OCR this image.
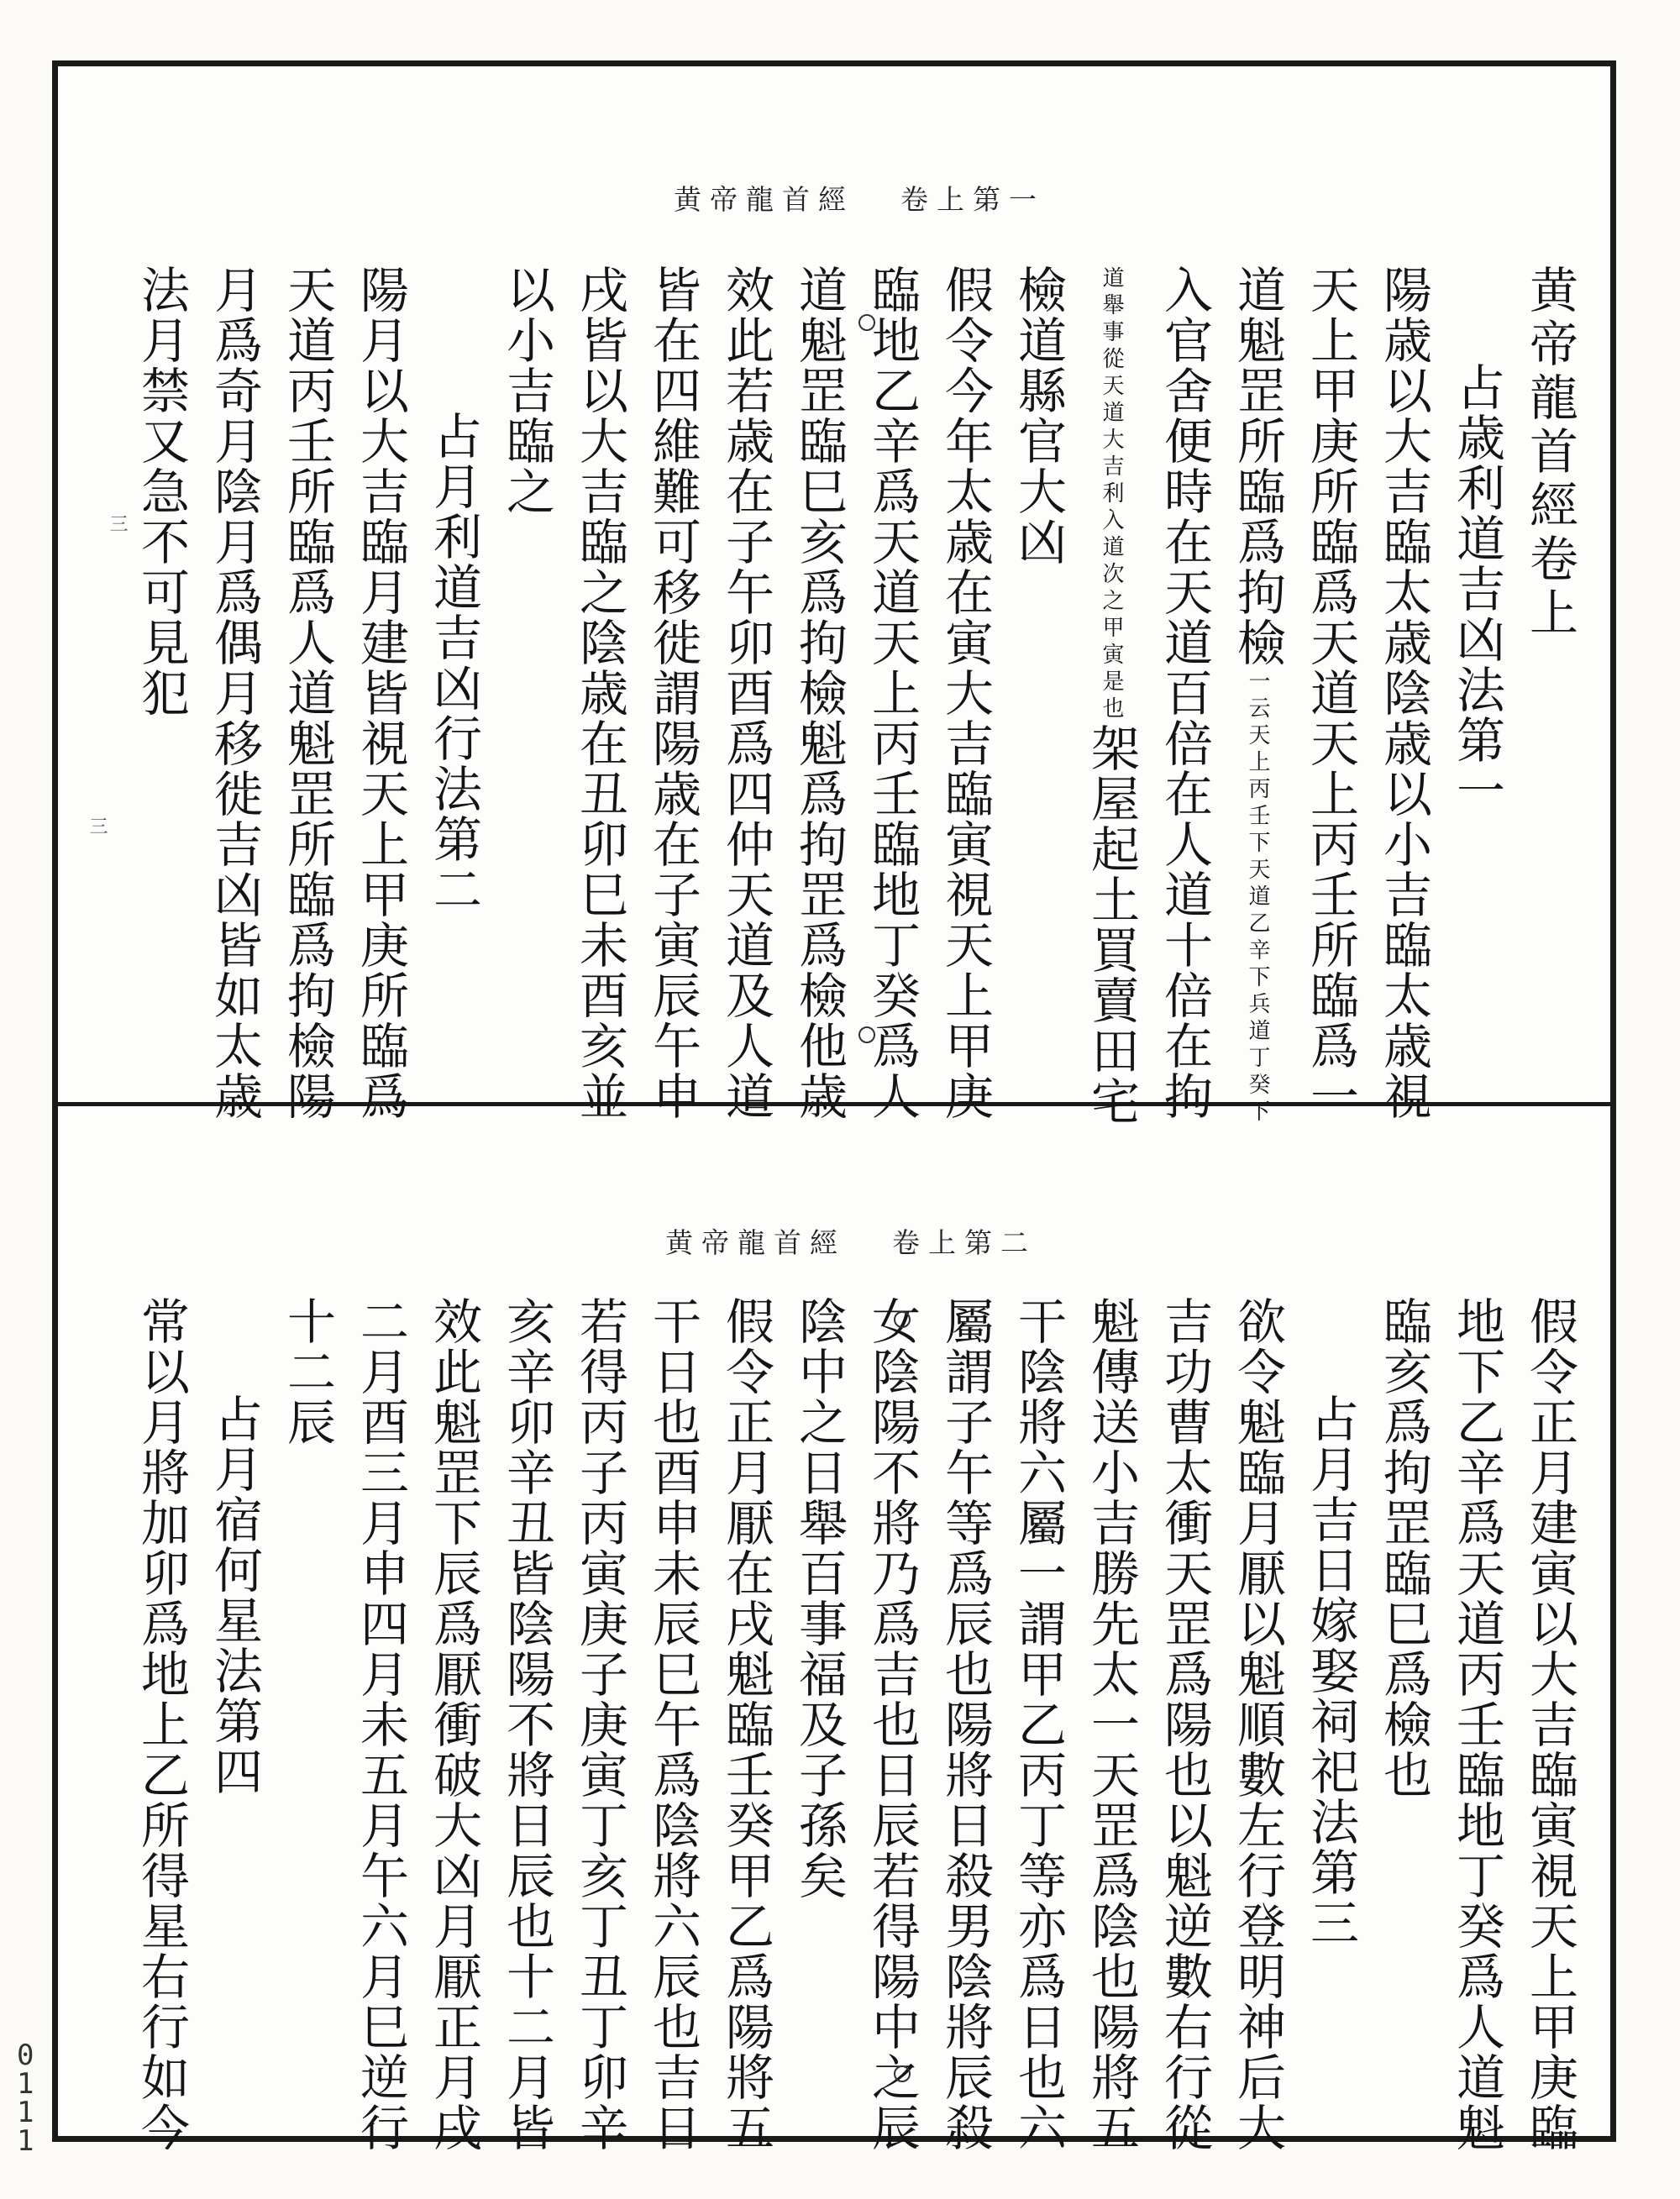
黄帝龍首經 卷上第一
黄帝龍首經卷上
占歳利道吉凶法第一
陽歳以大吉臨太歳陰歳以小吉臨太歳視
天上甲庚所臨爲天道天上丙壬所臨爲一
道魁罡所臨爲拘檢一云天上丙壬下天道乙辛下兵道丁癸下
入官舍便時在天道百倍在人道十倍在拘
道舉事從天道大吉利入道次之甲寅是也架屋起土買賣田宅
檢道縣官大凶
假令今年太歳在寅大吉臨寅視天上甲庚
臨地乙辛爲天道天上丙壬臨地丁癸爲人
道魁罡臨巳亥爲拘檢魁爲拘罡爲檢他歳
效此若歳在子午卯酉爲四仲天道及人道
皆在四維難可移徙謂陽歳在子寅辰午申
戌皆以大吉臨之陰歳在丑卯巳未酉亥並
以小吉臨之
占月利道吉凶行法第二
陽月以大吉臨月建皆視天上甲庚所臨爲
天道丙壬所臨爲人道魁罡所臨爲拘檢陽
月爲奇月陰月爲偶月移徙吉凶皆如太歳
法月禁又急不可見犯
三
三
黄帝龍首經 卷上第二
假令正月建寅以大吉臨寅視天上甲庚臨
地下乙辛爲天道丙壬臨地丁癸爲人道魁
臨亥爲拘罡臨巳爲檢也
占月吉日嫁娶祠祀法第三
欲令魁臨月厭以魁順數左行登明神后大
吉功曹太衝天罡爲陽也以魁逆數右行從
魁傳送小吉勝先太一天罡爲陰也陽將五
干陰將六屬一謂甲乙丙丁等亦爲日也六
屬謂子午等爲辰也陽將日殺男陰將辰殺
女陰陽不將乃爲吉也日辰若得陽中之辰
陰中之日舉百事福及子孫矣
假令正月厭在戌魁臨壬癸甲乙爲陽將五
干日也酉申未辰巳午爲陰將六辰也吉日
若得丙子丙寅庚子庚寅丁亥丁丑丁卯辛
亥辛卯辛丑皆陰陽不將日辰也十二月皆
效此魁罡下辰爲厭衝破大凶月厭正月戌
二月酉三月申四月未五月午六月巳逆行
十二辰
占月宿何星法第四
常以月將加卯爲地上乙所得星右行如今
0111
